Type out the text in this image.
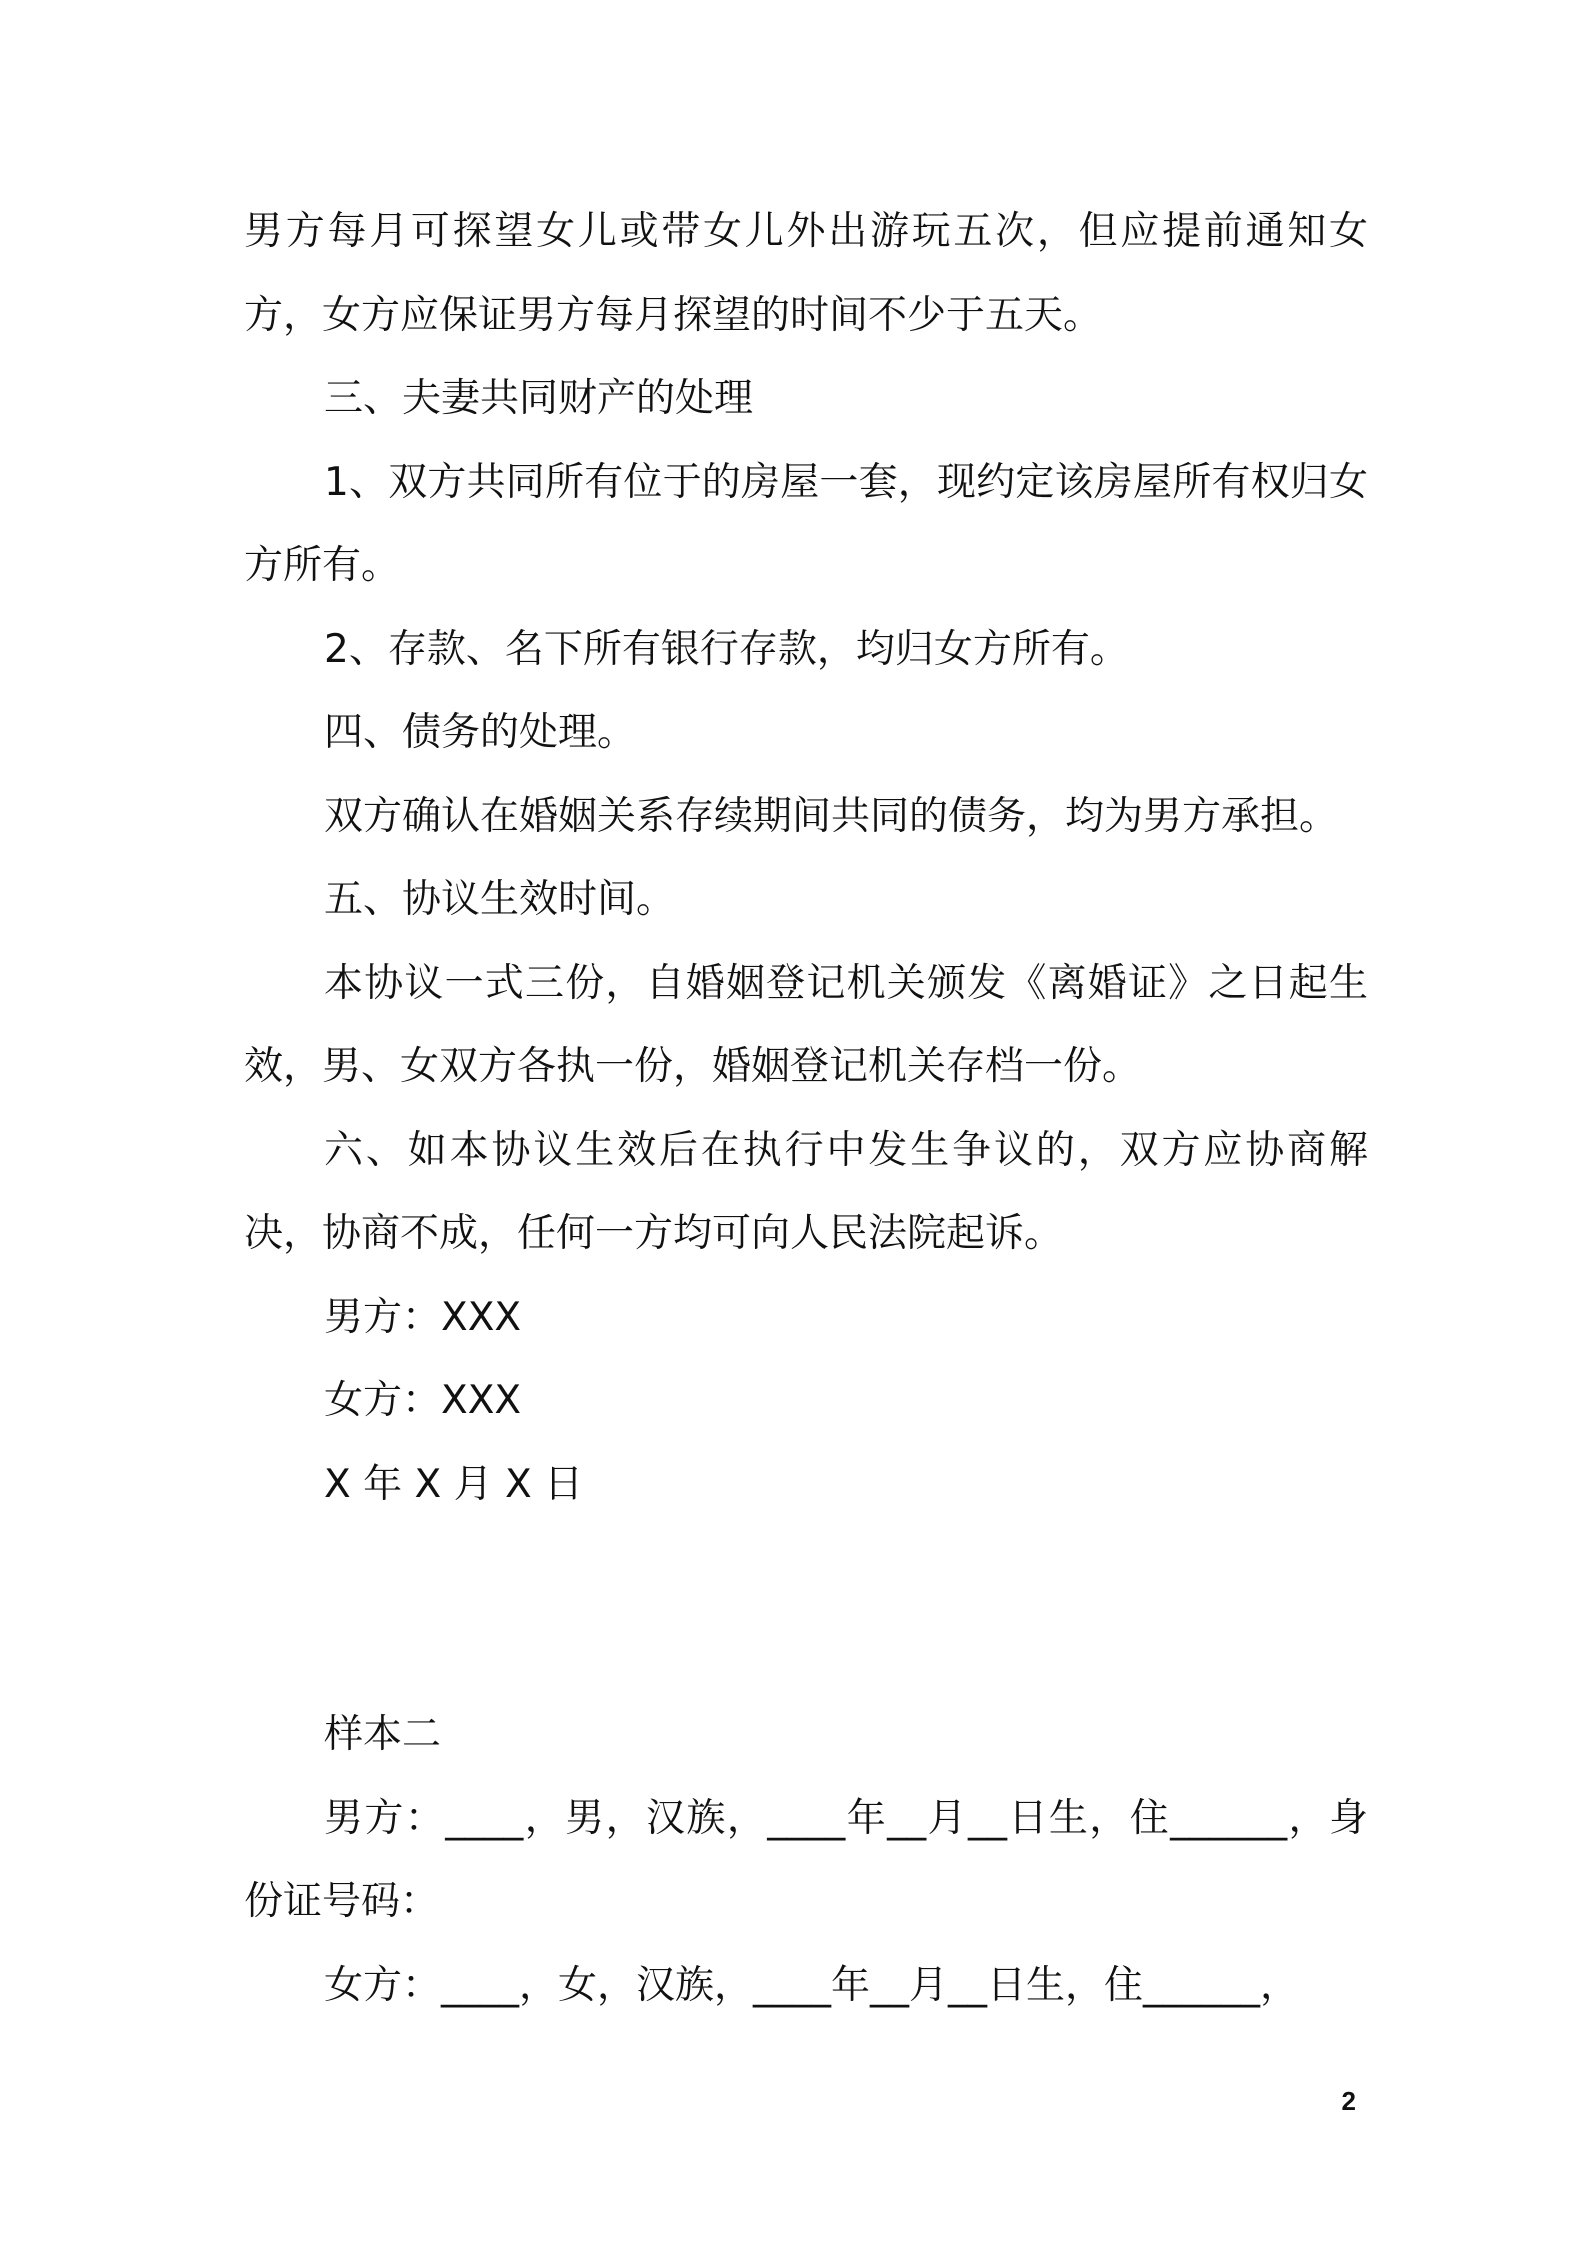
男方每月可探望女儿或带女儿外出游玩五次，但应提前通知女方，女方应保证男方每月探望的时间不少于五天。

三、夫妻共同财产的处理

1、双方共同所有位于的房屋一套，现约定该房屋所有权归女方所有。

2、存款、名下所有银行存款，均归女方所有。

四、债务的处理。

双方确认在婚姻关系存续期间共同的债务，均为男方承担。

五、协议生效时间。

本协议一式三份，自婚姻登记机关颁发《离婚证》之日起生效，男、女双方各执一份，婚姻登记机关存档一份。

六、如本协议生效后在执行中发生争议的，双方应协商解决，协商不成，任何一方均可向人民法院起诉。

男方：XXX

女方：XXX

X 年 X 月 X 日

样本二

男方：____，男，汉族，____年__月__日生，住______，身份证号码：

女方：____，女，汉族，____年__月__日生，住______，

2
